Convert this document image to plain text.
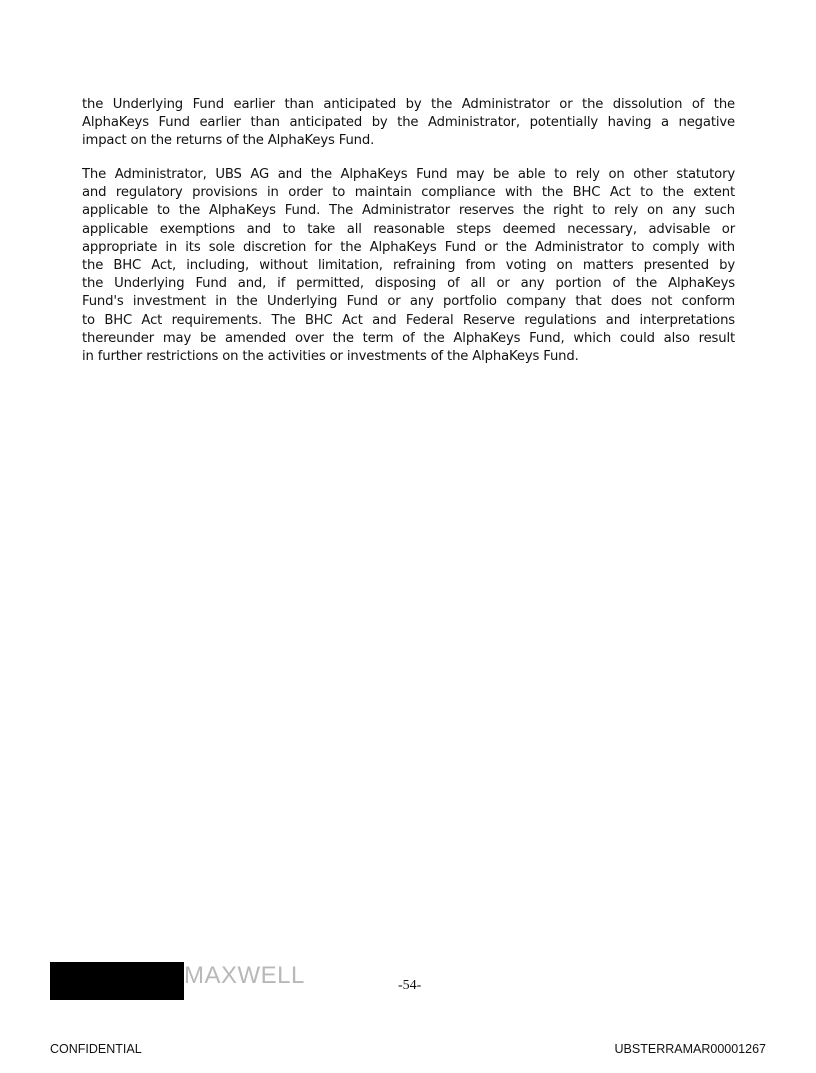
the Underlying Fund earlier than anticipated by the Administrator or the dissolution of the
AlphaKeys Fund earlier than anticipated by the Administrator, potentially having a negative
impact on the returns of the AlphaKeys Fund.
The Administrator, UBS AG and the AlphaKeys Fund may be able to rely on other statutory
and regulatory provisions in order to maintain compliance with the BHC Act to the extent
applicable to the AlphaKeys Fund. The Administrator reserves the right to rely on any such
applicable exemptions and to take all reasonable steps deemed necessary, advisable or
appropriate in its sole discretion for the AlphaKeys Fund or the Administrator to comply with
the BHC Act, including, without limitation, refraining from voting on matters presented by
the Underlying Fund and, if permitted, disposing of all or any portion of the AlphaKeys
Fund's investment in the Underlying Fund or any portfolio company that does not conform
to BHC Act requirements. The BHC Act and Federal Reserve regulations and interpretations
thereunder may be amended over the term of the AlphaKeys Fund, which could also result
in further restrictions on the activities or investments of the AlphaKeys Fund.
MAXWELL	-54-
CONFIDENTIAL	UBSTERRAMAR00001267
